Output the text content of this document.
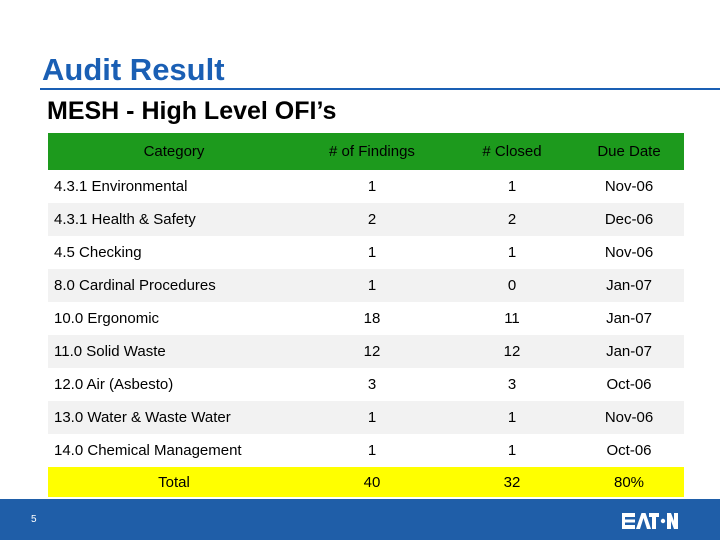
Audit Result
MESH - High Level OFI’s
Category	# of Findings	# Closed	Due Date
4.3.1 Environmental	1	1	Nov-06
4.3.1 Health & Safety	2	2	Dec-06
4.5 Checking	1	1	Nov-06
8.0 Cardinal Procedures	1	0	Jan-07
10.0 Ergonomic	18	11	Jan-07
11.0 Solid Waste	12	12	Jan-07
12.0 Air (Asbesto)	3	3	Oct-06
13.0 Water & Waste Water	1	1	Nov-06
14.0 Chemical Management	1	1	Oct-06
Total	40	32	80%
5
